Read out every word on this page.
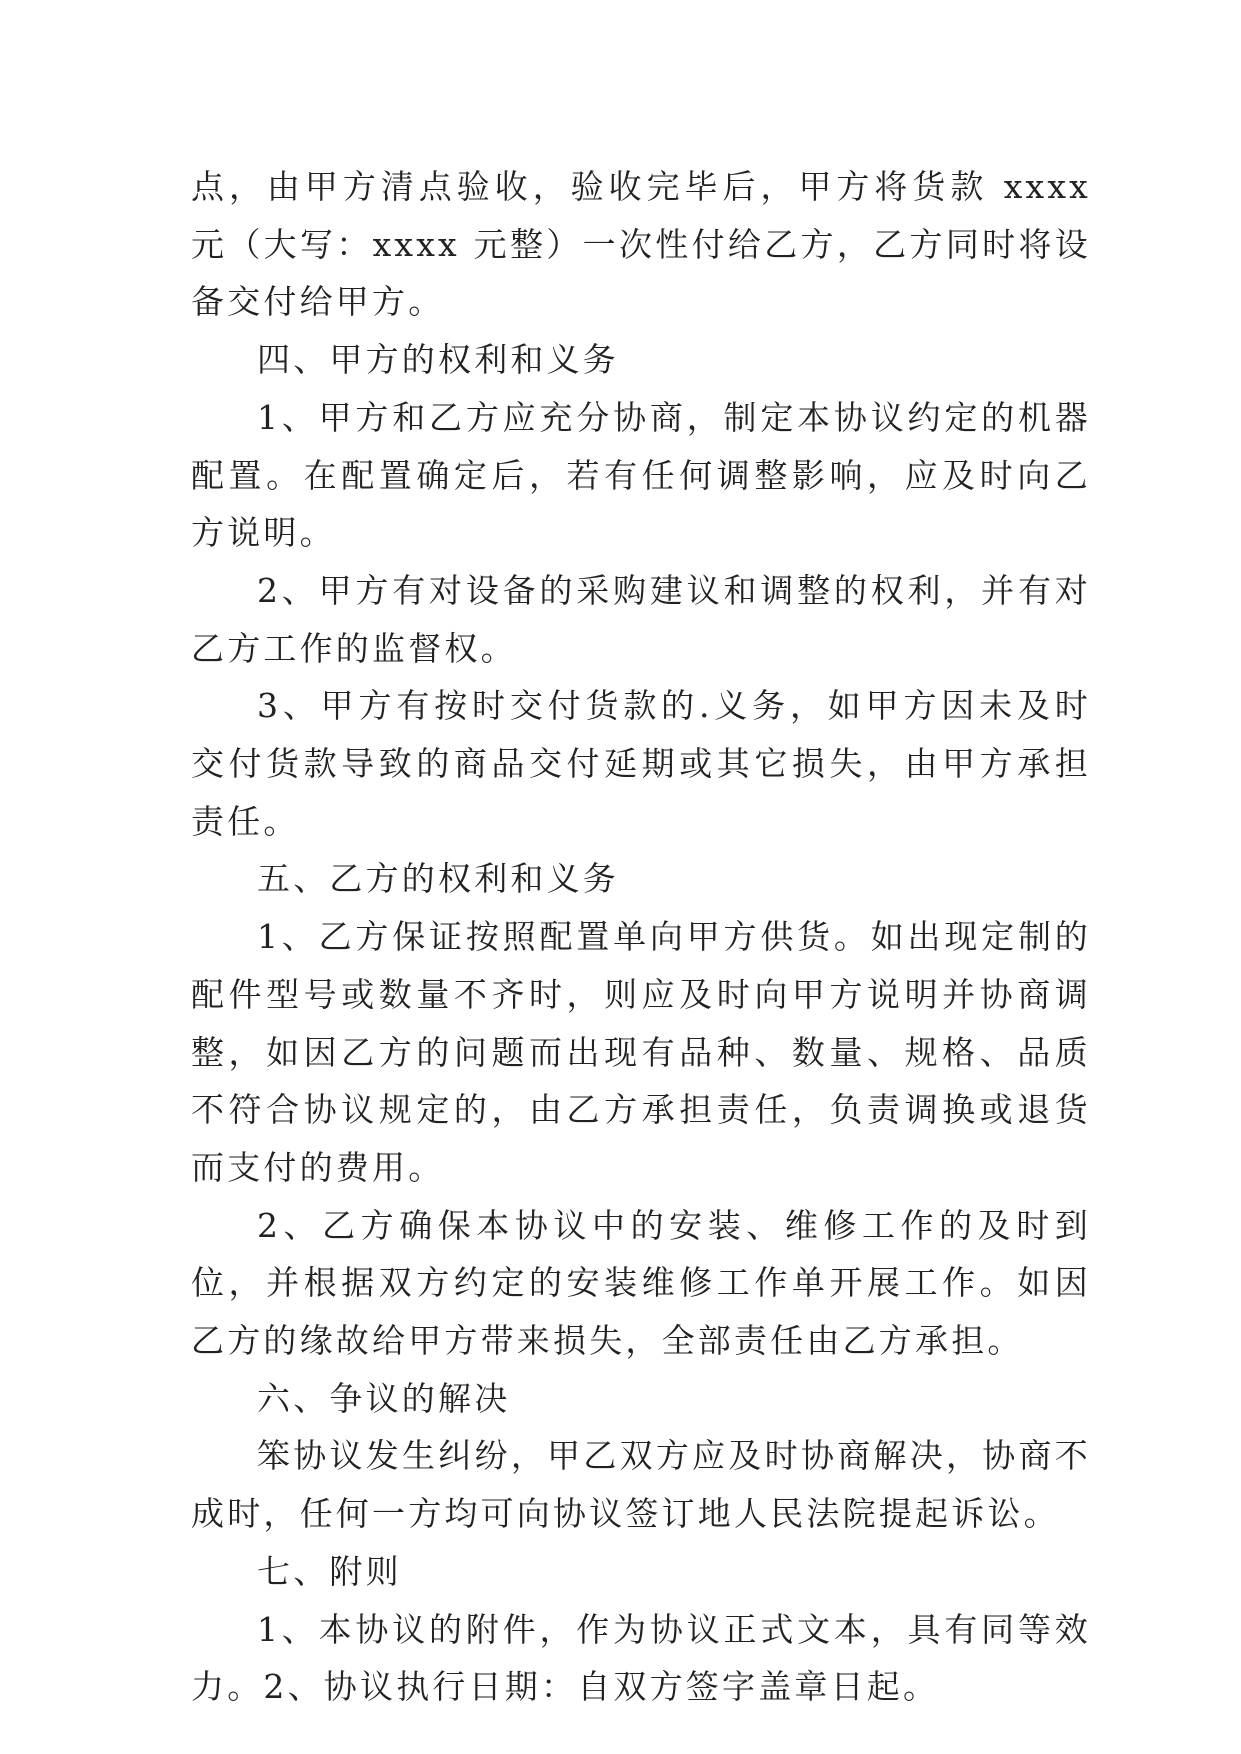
点，由甲方清点验收，验收完毕后，甲方将货款 xxxx 元（大写：xxxx 元整）一次性付给乙方，乙方同时将设备交付给甲方。

四、甲方的权利和义务

1、甲方和乙方应充分协商，制定本协议约定的机器配置。在配置确定后，若有任何调整影响，应及时向乙方说明。

2、甲方有对设备的采购建议和调整的权利，并有对乙方工作的监督权。

3、甲方有按时交付货款的.义务，如甲方因未及时交付货款导致的商品交付延期或其它损失，由甲方承担责任。

五、乙方的权利和义务

1、乙方保证按照配置单向甲方供货。如出现定制的配件型号或数量不齐时，则应及时向甲方说明并协商调整，如因乙方的问题而出现有品种、数量、规格、品质不符合协议规定的，由乙方承担责任，负责调换或退货而支付的费用。

2、乙方确保本协议中的安装、维修工作的及时到位，并根据双方约定的安装维修工作单开展工作。如因乙方的缘故给甲方带来损失，全部责任由乙方承担。

六、争议的解决

笨协议发生纠纷，甲乙双方应及时协商解决，协商不成时，任何一方均可向协议签订地人民法院提起诉讼。

七、附则

1、本协议的附件，作为协议正式文本，具有同等效力。2、协议执行日期：自双方签字盖章日起。
